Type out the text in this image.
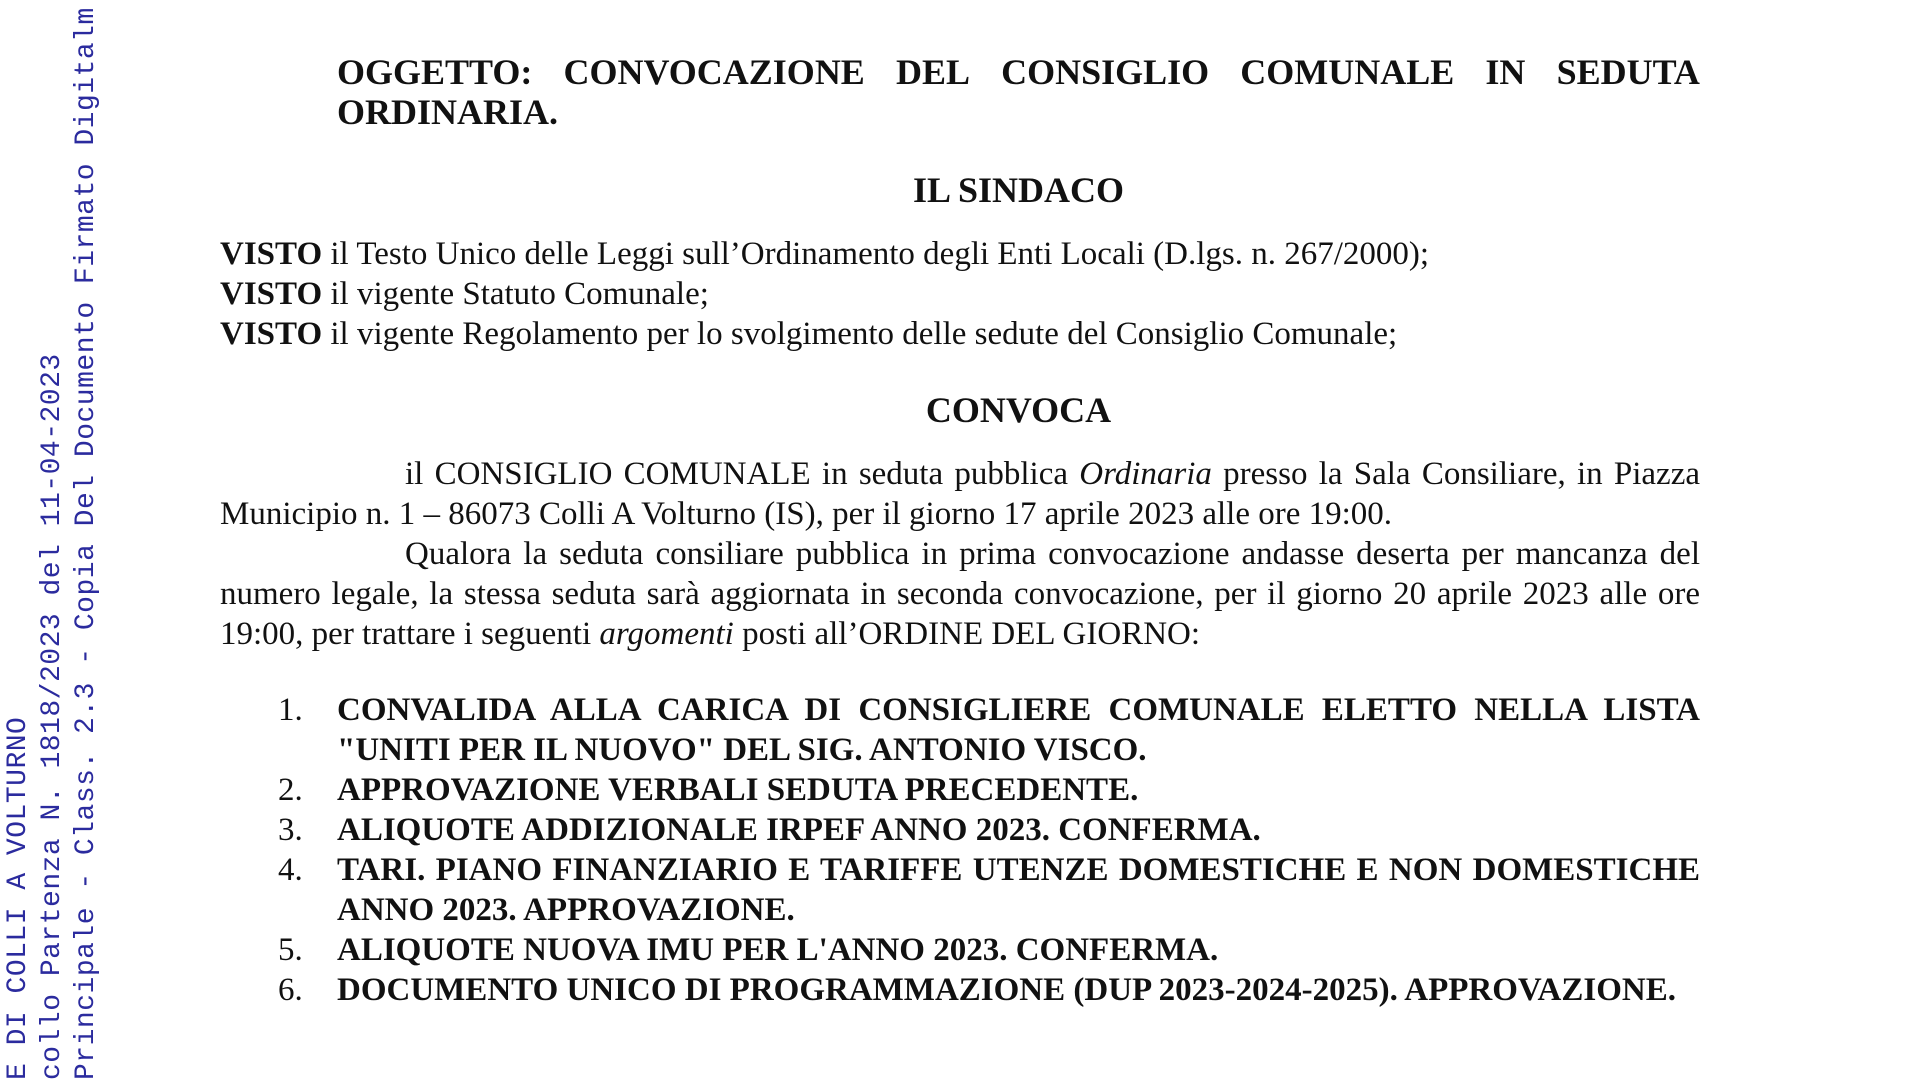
E DI COLLI A VOLTURNO collo Partenza N. 1818/2023 del 11-04-2023 Principale - Class. 2.3 - Copia Del Documento Firmato Digitalm	OGGETTO: CONVOCAZIONE DEL CONSIGLIO COMUNALE IN SEDUTA
ORDINARIA.

IL SINDACO

VISTO il Testo Unico delle Leggi sull’Ordinamento degli Enti Locali (D.lgs. n. 267/2000);
VISTO il vigente Statuto Comunale;
VISTO il vigente Regolamento per lo svolgimento delle sedute del Consiglio Comunale;

CONVOCA

il CONSIGLIO COMUNALE in seduta pubblica Ordinaria presso la Sala Consiliare, in Piazza Municipio n. 1 – 86073 Colli A Volturno (IS), per il giorno 17 aprile 2023 alle ore 19:00.
Qualora la seduta consiliare pubblica in prima convocazione andasse deserta per mancanza del numero legale, la stessa seduta sarà aggiornata in seconda convocazione, per il giorno 20 aprile 2023 alle ore 19:00, per trattare i seguenti argomenti posti all’ORDINE DEL GIORNO:
1.	CONVALIDA ALLA CARICA DI CONSIGLIERE COMUNALE ELETTO NELLA LISTA "UNITI PER IL NUOVO" DEL SIG. ANTONIO VISCO.
2.	APPROVAZIONE VERBALI SEDUTA PRECEDENTE.
3.	ALIQUOTE ADDIZIONALE IRPEF ANNO 2023. CONFERMA.
4.	TARI. PIANO FINANZIARIO E TARIFFE UTENZE DOMESTICHE E NON DOMESTICHE ANNO 2023. APPROVAZIONE.
5.	ALIQUOTE NUOVA IMU PER L'ANNO 2023. CONFERMA.
6.	DOCUMENTO UNICO DI PROGRAMMAZIONE (DUP 2023-2024-2025). APPROVAZIONE.
